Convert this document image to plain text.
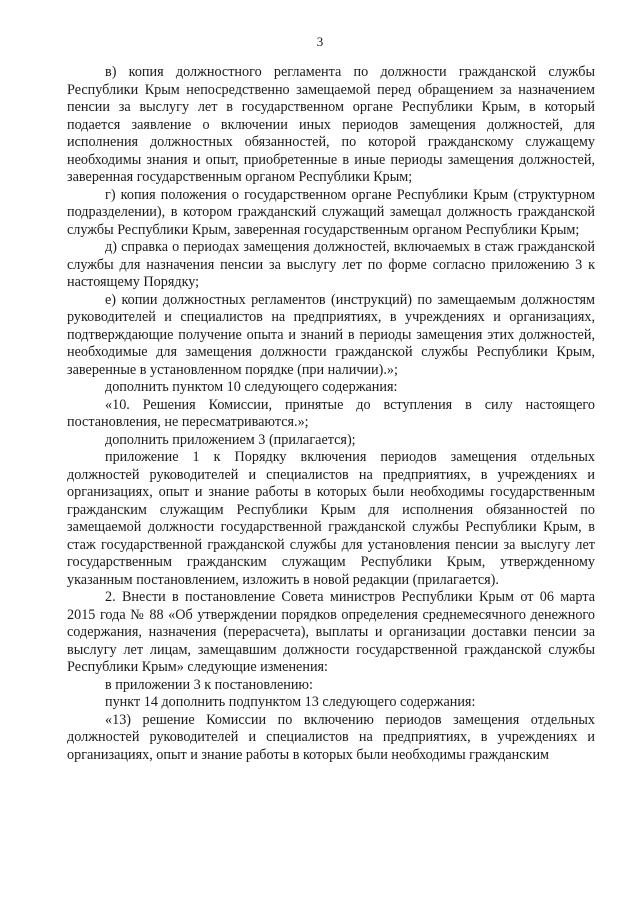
3

в) копия должностного регламента по должности гражданской службы Республики Крым непосредственно замещаемой перед обращением за назначением пенсии за выслугу лет в государственном органе Республики Крым, в который подается заявление о включении иных периодов замещения должностей, для исполнения должностных обязанностей, по которой гражданскому служащему необходимы знания и опыт, приобретенные в иные периоды замещения должностей, заверенная государственным органом Республики Крым;

г) копия положения о государственном органе Республики Крым (структурном подразделении), в котором гражданский служащий замещал должность гражданской службы Республики Крым, заверенная государственным органом Республики Крым;

д) справка о периодах замещения должностей, включаемых в стаж гражданской службы для назначения пенсии за выслугу лет по форме согласно приложению 3 к настоящему Порядку;

е) копии должностных регламентов (инструкций) по замещаемым должностям руководителей и специалистов на предприятиях, в учреждениях и организациях, подтверждающие получение опыта и знаний в периоды замещения этих должностей, необходимые для замещения должности гражданской службы Республики Крым, заверенные в установленном порядке (при наличии).»;

дополнить пунктом 10 следующего содержания:

«10. Решения Комиссии, принятые до вступления в силу настоящего постановления, не пересматриваются.»;

дополнить приложением 3 (прилагается);

приложение 1 к Порядку включения периодов замещения отдельных должностей руководителей и специалистов на предприятиях, в учреждениях и организациях, опыт и знание работы в которых были необходимы государственным гражданским служащим Республики Крым для исполнения обязанностей по замещаемой должности государственной гражданской службы Республики Крым, в стаж государственной гражданской службы для установления пенсии за выслугу лет государственным гражданским служащим Республики Крым, утвержденному указанным постановлением, изложить в новой редакции (прилагается).

2. Внести в постановление Совета министров Республики Крым от 06 марта 2015 года № 88 «Об утверждении порядков определения среднемесячного денежного содержания, назначения (перерасчета), выплаты и организации доставки пенсии за выслугу лет лицам, замещавшим должности государственной гражданской службы Республики Крым» следующие изменения:

в приложении 3 к постановлению:

пункт 14 дополнить подпунктом 13 следующего содержания:

«13) решение Комиссии по включению периодов замещения отдельных должностей руководителей и специалистов на предприятиях, в учреждениях и организациях, опыт и знание работы в которых были необходимы гражданским
